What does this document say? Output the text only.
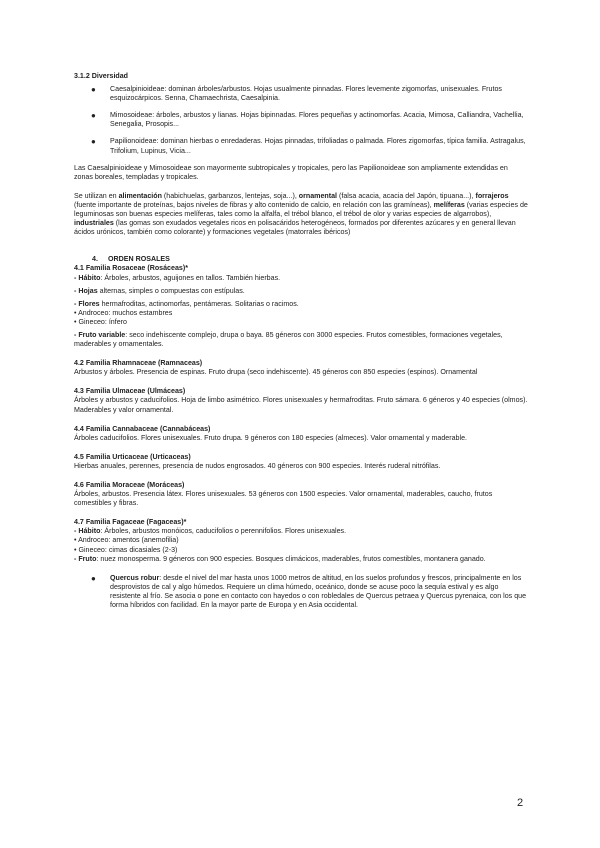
3.1.2 Diversidad

● Caesalpinioideae: dominan árboles/arbustos. Hojas usualmente pinnadas. Flores levemente zigomorfas, unisexuales. Frutos esquizocárpicos. Senna, Chamaechrista, Caesalpinia.
● Mimosoideae: árboles, arbustos y lianas. Hojas bipinnadas. Flores pequeñas y actinomorfas. Acacia, Mimosa, Calliandra, Vachellia, Senegalia, Prosopis...
● Papilionoideae: dominan hierbas o enredaderas. Hojas pinnadas, trifoliadas o palmada. Flores zigomorfas, típica familia. Astragalus, Trifolium, Lupinus, Vicia...

Las Caesalpinioideae y Mimosoideae son mayormente subtropicales y tropicales, pero las Papilionoideae son ampliamente extendidas en zonas boreales, templadas y tropicales.

Se utilizan en alimentación (habichuelas, garbanzos, lentejas, soja...), ornamental (falsa acacia, acacia del Japón, tipuana...), forrajeros (fuente importante de proteínas, bajos niveles de fibras y alto contenido de calcio, en relación con las gramíneas), melíferas (varias especies de leguminosas son buenas especies melíferas, tales como la alfalfa, el trébol blanco, el trébol de olor y varias especies de algarrobos), industriales (las gomas son exudados vegetales ricos en polisacáridos heterogéneos, formados por diferentes azúcares y en general llevan ácidos urónicos, también como colorante) y formaciones vegetales (matorrales ibéricos)

4. ORDEN ROSALES

4.1 Familia Rosaceae (Rosáceas)*

- Hábito: Árboles, arbustos, aguijones en tallos. También hierbas.

- Hojas alternas, simples o compuestas con estípulas.

- Flores hermafroditas, actinomorfas, pentámeras. Solitarias o racimos.

• Androceo: muchos estambres

• Gineceo: ínfero

- Fruto variable: seco indehiscente complejo, drupa o baya. 85 géneros con 3000 especies. Frutos comestibles, formaciones vegetales, maderables y ornamentales.

4.2 Familia Rhamnaceae (Ramnaceas)

Arbustos y árboles. Presencia de espinas. Fruto drupa (seco indehiscente). 45 géneros con 850 especies (espinos). Ornamental

4.3 Familia Ulmaceae (Ulmáceas)

Árboles y arbustos y caducifolios. Hoja de limbo asimétrico. Flores unisexuales y hermafroditas. Fruto sámara. 6 géneros y 40 especies (olmos). Maderables y valor ornamental.

4.4 Familia Cannabaceae (Cannabáceas)

Árboles caducifolios. Flores unisexuales. Fruto drupa. 9 géneros con 180 especies (almeces). Valor ornamental y maderable.

4.5 Familia Urticaceae (Urticaceas)

Hierbas anuales, perennes, presencia de nudos engrosados. 40 géneros con 900 especies. Interés ruderal nitrófilas.

4.6 Familia Moraceae (Moráceas)

Árboles, arbustos. Presencia látex. Flores unisexuales. 53 géneros con 1500 especies. Valor ornamental, maderables, caucho, frutos comestibles y fibras.

4.7 Familia Fagaceae (Fagaceas)*

- Hábito: Árboles, arbustos monóicos, caducifolios o perennifolios. Flores unisexuales.

• Androceo: amentos (anemofilia)

• Gineceo: cimas dicasiales (2-3)

- Fruto: nuez monosperma. 9 géneros con 900 especies. Bosques climácicos, maderables, frutos comestibles, montanera ganado.

● Quercus robur: desde el nivel del mar hasta unos 1000 metros de altitud, en los suelos profundos y frescos, principalmente en los desprovistos de cal y algo húmedos. Requiere un clima húmedo, oceánico, donde se acuse poco la sequía estival y es algo resistente al frío. Se asocia o pone en contacto con hayedos o con robledales de Quercus petraea y Quercus pyrenaica, con los que forma híbridos con facilidad. En la mayor parte de Europa y en Asia occidental.

2
